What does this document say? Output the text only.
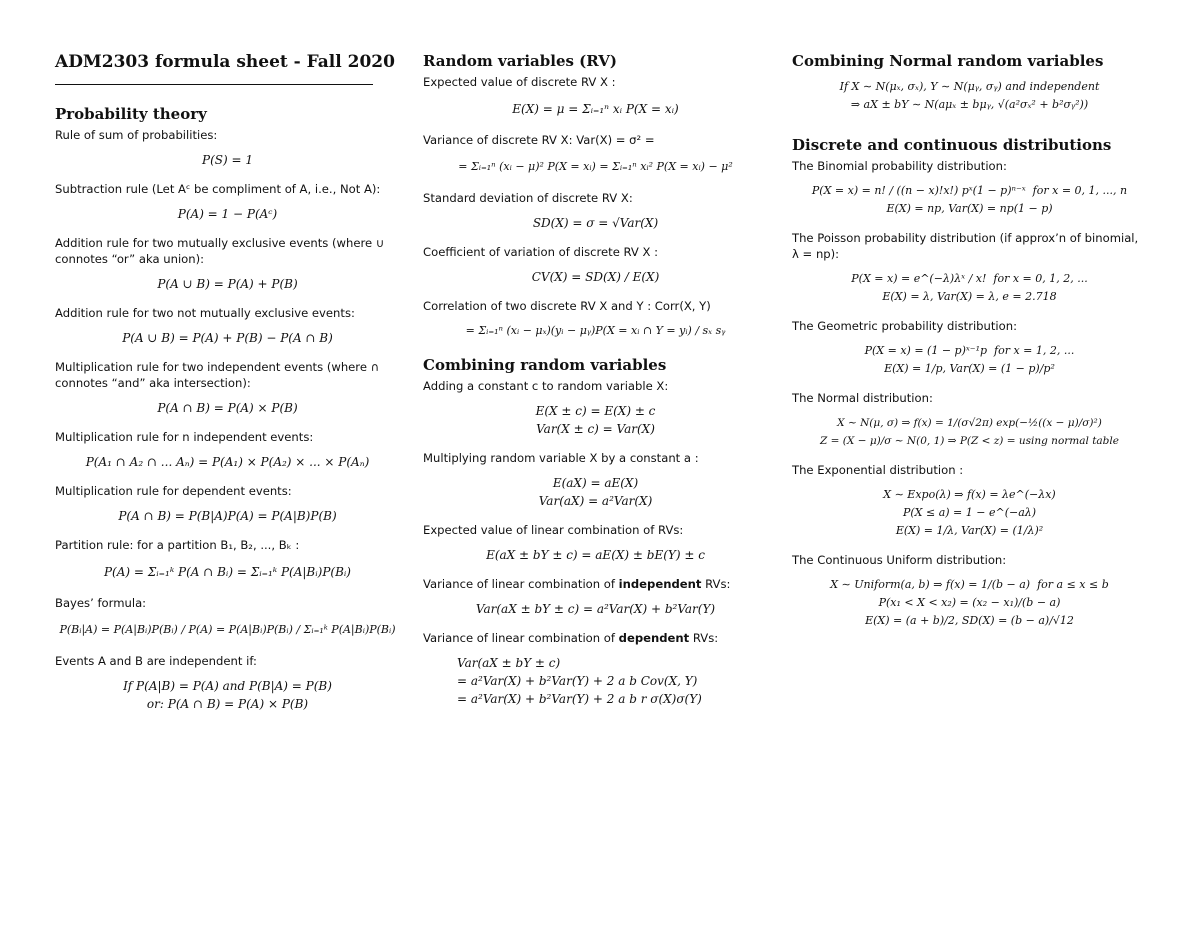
ADM2303 formula sheet - Fall 2020
Probability theory
Rule of sum of probabilities:
P(S) = 1
Subtraction rule (Let Aᶜ be compliment of A, i.e., Not A):
P(A) = 1 − P(Aᶜ)
Addition rule for two mutually exclusive events (where ∪ connotes “or” aka union):
P(A ∪ B) = P(A) + P(B)
Addition rule for two not mutually exclusive events:
P(A ∪ B) = P(A) + P(B) − P(A ∩ B)
Multiplication rule for two independent events (where ∩ connotes “and” aka intersection):
P(A ∩ B) = P(A) × P(B)
Multiplication rule for n independent events:
P(A₁ ∩ A₂ ∩ ... Aₙ) = P(A₁) × P(A₂) × ... × P(Aₙ)
Multiplication rule for dependent events:
P(A ∩ B) = P(B|A)P(A) = P(A|B)P(B)
Partition rule: for a partition B₁, B₂, ..., Bₖ :
P(A) = Σᵢ₌₁ᵏ P(A ∩ Bᵢ) = Σᵢ₌₁ᵏ P(A|Bᵢ)P(Bᵢ)
Bayes’ formula:
P(Bᵢ|A) = P(A|Bᵢ)P(Bᵢ) / P(A) = P(A|Bᵢ)P(Bᵢ) / Σᵢ₌₁ᵏ P(A|Bᵢ)P(Bᵢ)
Events A and B are independent if:
If P(A|B) = P(A) and P(B|A) = P(B)
or: P(A ∩ B) = P(A) × P(B)
Random variables (RV)
Expected value of discrete RV X :
E(X) = μ = Σᵢ₌₁ⁿ xᵢ P(X = xᵢ)
Variance of discrete RV X: Var(X) = σ² =
= Σᵢ₌₁ⁿ (xᵢ − μ)² P(X = xᵢ) = Σᵢ₌₁ⁿ xᵢ² P(X = xᵢ) − μ²
Standard deviation of discrete RV X:
SD(X) = σ = √Var(X)
Coefficient of variation of discrete RV X :
CV(X) = SD(X) / E(X)
Correlation of two discrete RV X and Y : Corr(X, Y)
= Σᵢ₌₁ⁿ (xᵢ − μₓ)(yᵢ − μᵧ)P(X = xᵢ ∩ Y = yᵢ) / sₓ sᵧ
Combining random variables
Adding a constant c to random variable X:
E(X ± c) = E(X) ± c
Var(X ± c) = Var(X)
Multiplying random variable X by a constant a :
E(aX) = aE(X)
Var(aX) = a²Var(X)
Expected value of linear combination of RVs:
E(aX ± bY ± c) = aE(X) ± bE(Y) ± c
Variance of linear combination of independent RVs:
Var(aX ± bY ± c) = a²Var(X) + b²Var(Y)
Variance of linear combination of dependent RVs:
Var(aX ± bY ± c)
= a²Var(X) + b²Var(Y) + 2 a b Cov(X, Y)
= a²Var(X) + b²Var(Y) + 2 a b r σ(X)σ(Y)
Combining Normal random variables
If X ∼ N(μₓ, σₓ), Y ∼ N(μᵧ, σᵧ) and independent
⇒ aX ± bY ∼ N(aμₓ ± bμᵧ, √(a²σₓ² + b²σᵧ²))
Discrete and continuous distributions
The Binomial probability distribution:
P(X = x) = n! / ((n − x)!x!) pˣ(1 − p)ⁿ⁻ˣ  for x = 0, 1, ..., n
E(X) = np, Var(X) = np(1 − p)
The Poisson probability distribution (if approx’n of binomial, λ = np):
P(X = x) = e^(−λ)λˣ / x!  for x = 0, 1, 2, ...
E(X) = λ, Var(X) = λ, e = 2.718
The Geometric probability distribution:
P(X = x) = (1 − p)ˣ⁻¹p  for x = 1, 2, ...
E(X) = 1/p, Var(X) = (1 − p)/p²
The Normal distribution:
X ∼ N(μ, σ) ⇒ f(x) = 1/(σ√2π) exp(−½((x − μ)/σ)²)
Z = (X − μ)/σ ∼ N(0, 1) ⇒ P(Z < z) = using normal table
The Exponential distribution :
X ∼ Expo(λ) ⇒ f(x) = λe^(−λx)
P(X ≤ a) = 1 − e^(−aλ)
E(X) = 1/λ, Var(X) = (1/λ)²
The Continuous Uniform distribution:
X ∼ Uniform(a, b) ⇒ f(x) = 1/(b − a)  for a ≤ x ≤ b
P(x₁ < X < x₂) = (x₂ − x₁)/(b − a)
E(X) = (a + b)/2, SD(X) = (b − a)/√12
